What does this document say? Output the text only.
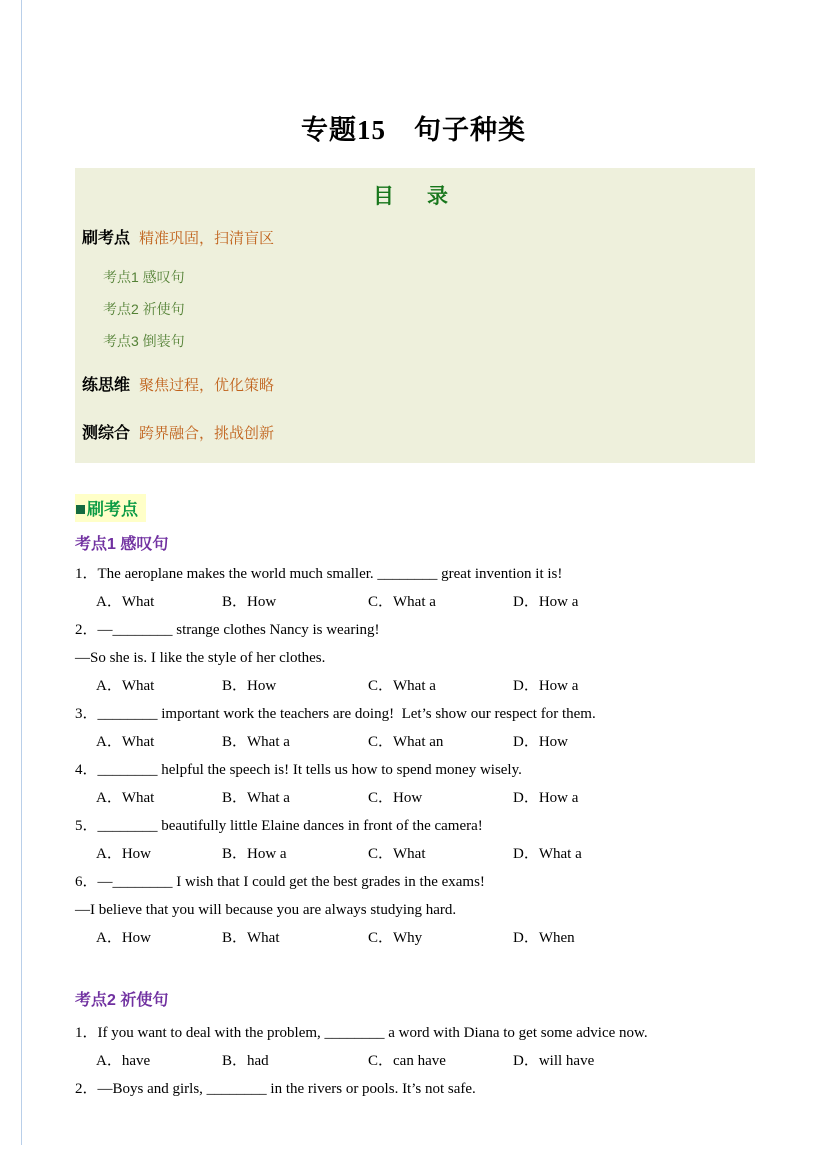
专题15　句子种类
目　录
刷考点 精准巩固，扫清盲区
考点1 感叹句
考点2 祈使句
考点3 倒装句
练思维 聚焦过程，优化策略
测综合 跨界融合，挑战创新
刷考点
考点1 感叹句
1．The aeroplane makes the world much smaller. ________ great invention it is!
A．What	B．How	C．What a	D．How a
2．—________ strange clothes Nancy is wearing!
—So she is. I like the style of her clothes.
A．What	B．How	C．What a	D．How a
3．________ important work the teachers are doing!  Let’s show our respect for them.
A．What	B．What a	C．What an	D．How
4．________ helpful the speech is! It tells us how to spend money wisely.
A．What	B．What a	C．How	D．How a
5．________ beautifully little Elaine dances in front of the camera!
A．How	B．How a	C．What	D．What a
6．—________ I wish that I could get the best grades in the exams!
—I believe that you will because you are always studying hard.
A．How	B．What	C．Why	D．When
考点2 祈使句
1．If you want to deal with the problem, ________ a word with Diana to get some advice now.
A．have	B．had	C．can have	D．will have
2．—Boys and girls, ________ in the rivers or pools. It’s not safe.
